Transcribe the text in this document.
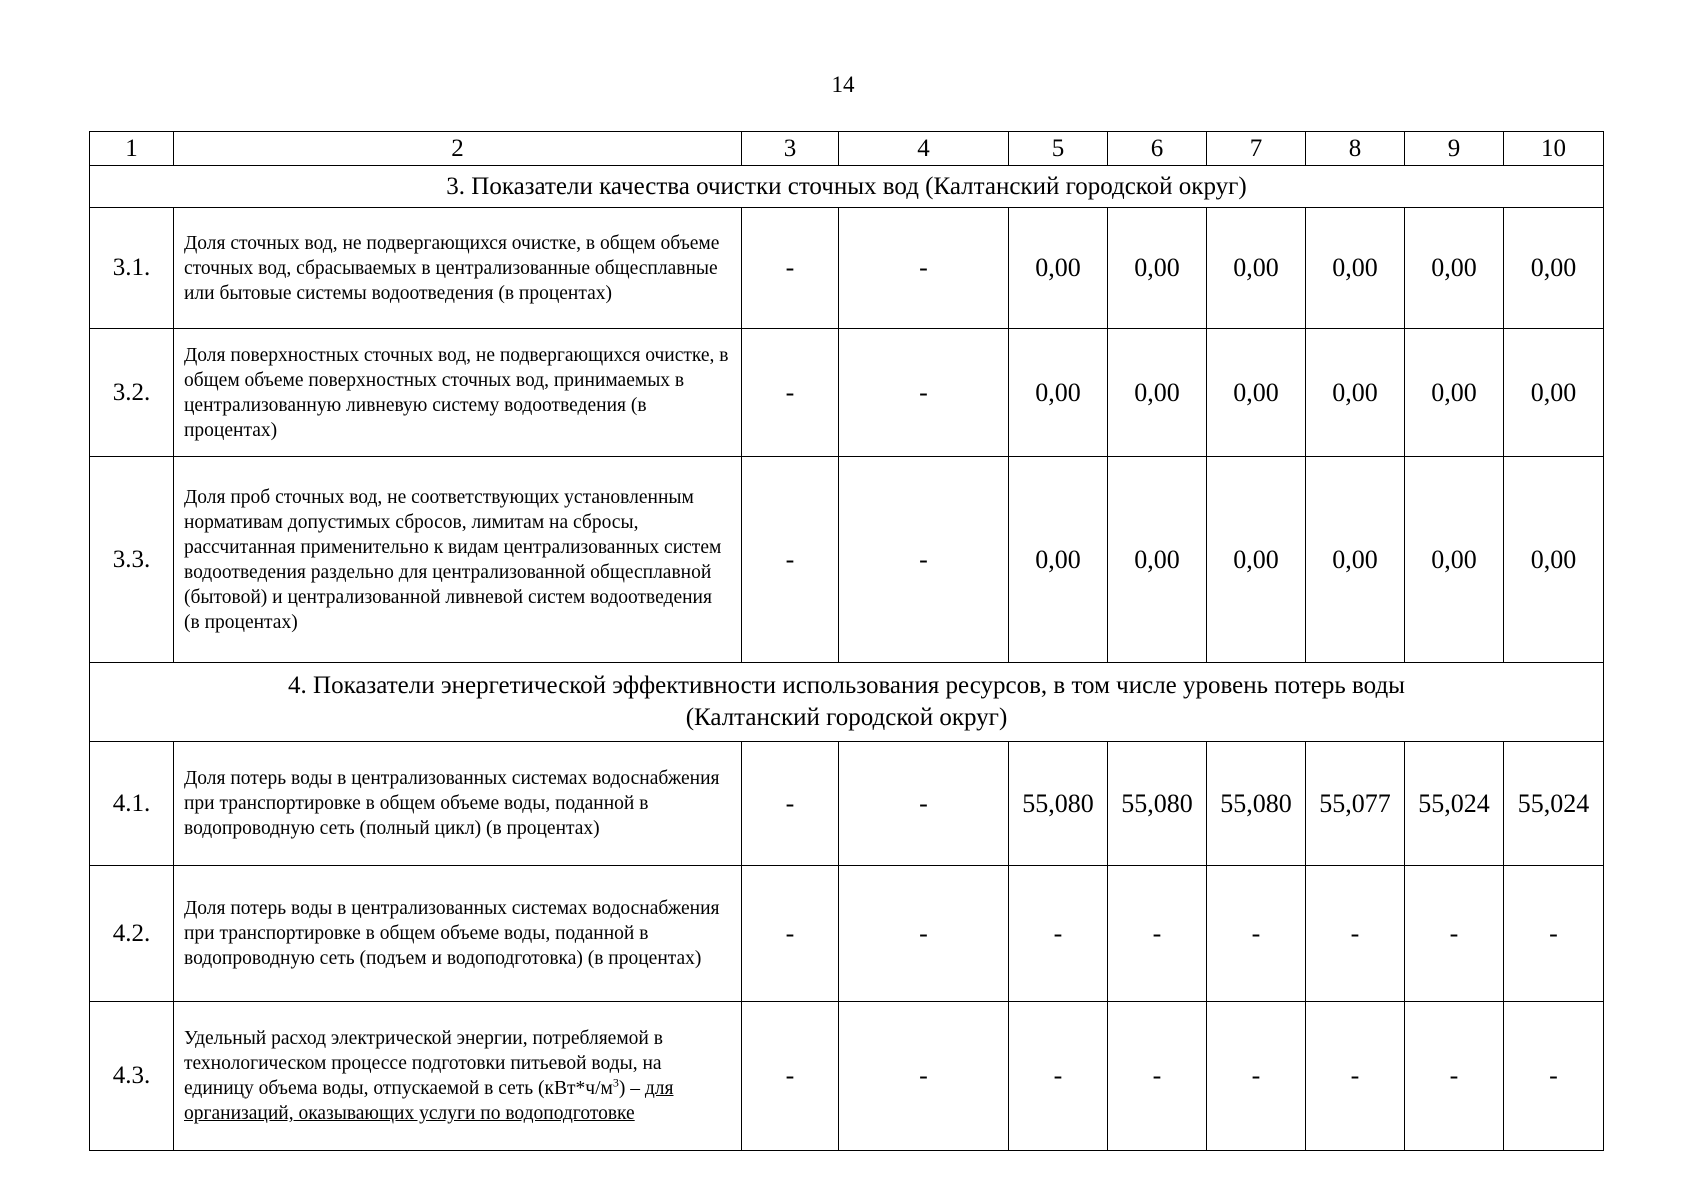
14
1	2	3	4	5	6	7	8	9	10
3. Показатели качества очистки сточных вод (Калтанский городской округ)									
3.1.	Доля сточных вод, не подвергающихся очистке, в общем объеме сточных вод, сбрасываемых в централизованные общесплавные или бытовые системы водоотведения (в процентах)	-	-	0,00	0,00	0,00	0,00	0,00	0,00
3.2.	Доля поверхностных сточных вод, не подвергающихся очистке, в общем объеме поверхностных сточных вод, принимаемых в централизованную ливневую систему водоотведения (в процентах)	-	-	0,00	0,00	0,00	0,00	0,00	0,00
3.3.	Доля проб сточных вод, не соответствующих установленным нормативам допустимых сбросов, лимитам на сбросы, рассчитанная применительно к видам централизованных систем водоотведения раздельно для централизованной общесплавной (бытовой) и централизованной ливневой систем водоотведения (в процентах)	-	-	0,00	0,00	0,00	0,00	0,00	0,00

4. Показатели энергетической эффективности использования ресурсов, в том числе уровень потерь воды
(Калтанский городской округ)									

4.1.	Доля потерь воды в централизованных системах водоснабжения при транспортировке в общем объеме воды, поданной в водопроводную сеть (полный цикл) (в процентах)	-	-	55,080	55,080	55,080	55,077	55,024	55,024
4.2.	Доля потерь воды в централизованных системах водоснабжения при транспортировке в общем объеме воды, поданной в водопроводную сеть (подъем и водоподготовка) (в процентах)	-	-	-	-	-	-	-	-
4.3.	Удельный расход электрической энергии, потребляемой в технологическом процессе подготовки питьевой воды, на единицу объема воды, отпускаемой в сеть $(кВт*ч/м^3)$ – для организаций, оказывающих услуги по водоподготовке	-	-	-	-	-	-	-	-
